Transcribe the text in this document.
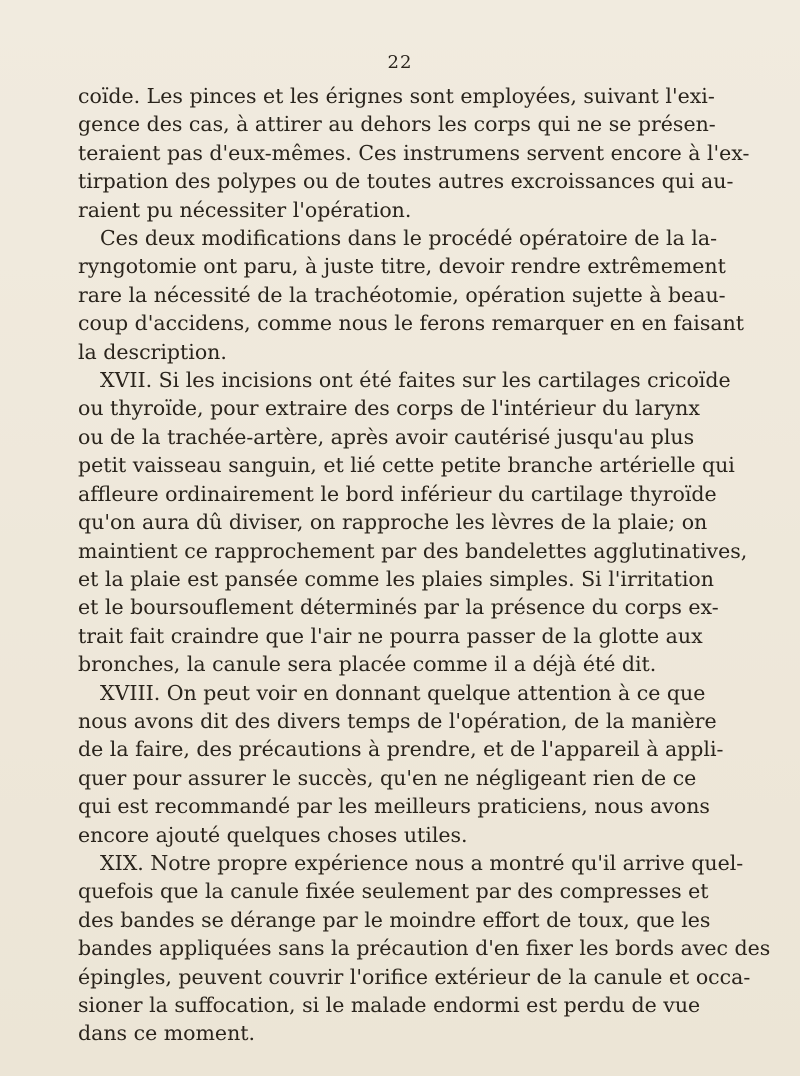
22

coïde. Les pinces et les érignes sont employées, suivant l'exi-
gence des cas, à attirer au dehors les corps qui ne se présen-
teraient pas d'eux-mêmes. Ces instrumens servent encore à l'ex-
tirpation des polypes ou de toutes autres excroissances qui au-
raient pu nécessiter l'opération.

Ces deux modifications dans le procédé opératoire de la la-
ryngotomie ont paru, à juste titre, devoir rendre extrêmement
rare la nécessité de la trachéotomie, opération sujette à beau-
coup d'accidens, comme nous le ferons remarquer en en faisant
la description.

XVII. Si les incisions ont été faites sur les cartilages cricoïde
ou thyroïde, pour extraire des corps de l'intérieur du larynx
ou de la trachée-artère, après avoir cautérisé jusqu'au plus
petit vaisseau sanguin, et lié cette petite branche artérielle qui
affleure ordinairement le bord inférieur du cartilage thyroïde
qu'on aura dû diviser, on rapproche les lèvres de la plaie; on
maintient ce rapprochement par des bandelettes agglutinatives,
et la plaie est pansée comme les plaies simples. Si l'irritation
et le boursouflement déterminés par la présence du corps ex-
trait fait craindre que l'air ne pourra passer de la glotte aux
bronches, la canule sera placée comme il a déjà été dit.

XVIII. On peut voir en donnant quelque attention à ce que
nous avons dit des divers temps de l'opération, de la manière
de la faire, des précautions à prendre, et de l'appareil à appli-
quer pour assurer le succès, qu'en ne négligeant rien de ce
qui est recommandé par les meilleurs praticiens, nous avons
encore ajouté quelques choses utiles.

XIX. Notre propre expérience nous a montré qu'il arrive quel-
quefois que la canule fixée seulement par des compresses et
des bandes se dérange par le moindre effort de toux, que les
bandes appliquées sans la précaution d'en fixer les bords avec des
épingles, peuvent couvrir l'orifice extérieur de la canule et occa-
sioner la suffocation, si le malade endormi est perdu de vue
dans ce moment.
